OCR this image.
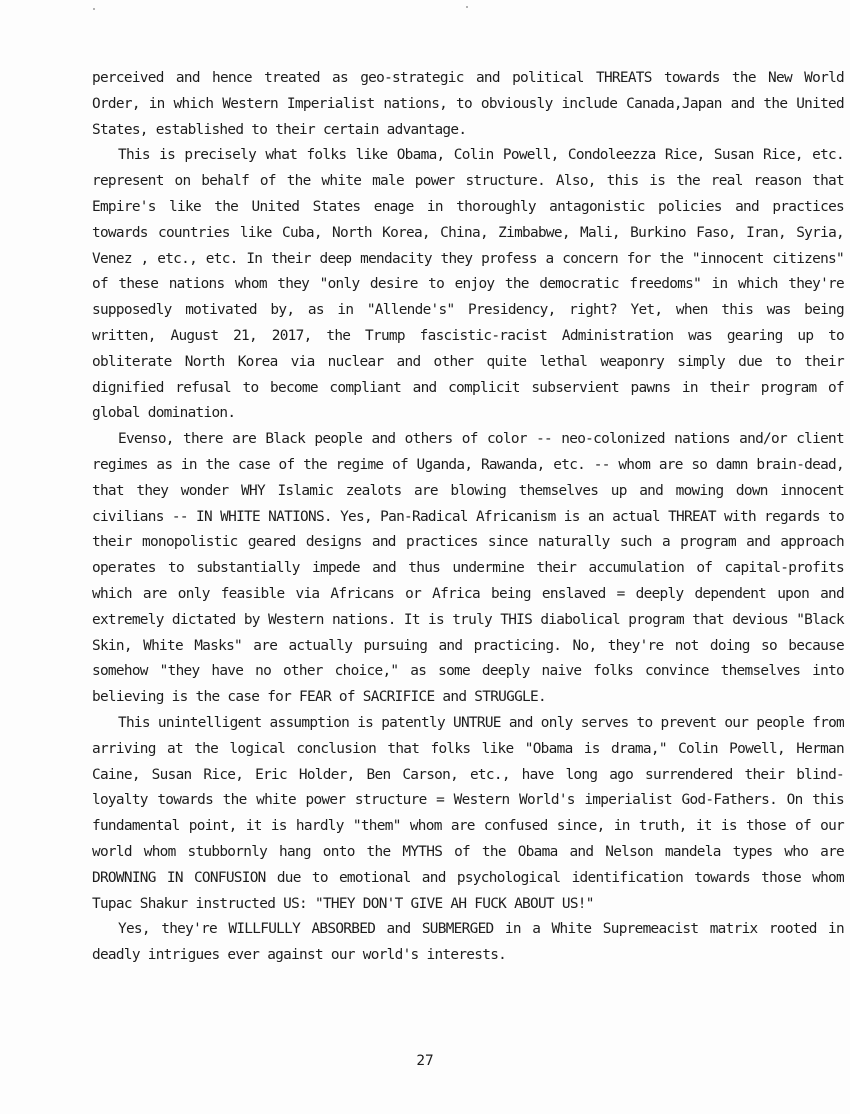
perceived and hence treated as geo-strategic and political THREATS towards the New World Order, in which Western Imperialist nations, to obviously include Canada,Japan and the United States, established to their certain advantage.

This is precisely what folks like Obama, Colin Powell, Condoleezza Rice, Susan Rice, etc. represent on behalf of the white male power structure. Also, this is the real reason that Empire's like the United States enage in thoroughly antagonistic policies and practices towards countries like Cuba, North Korea, China, Zimbabwe, Mali, Burkino Faso, Iran, Syria, Venez , etc., etc. In their deep mendacity they profess a concern for the "innocent citizens" of these nations whom they "only desire to enjoy the democratic freedoms" in which they're supposedly motivated by, as in "Allende's" Presidency, right? Yet, when this was being written, August 21, 2017, the Trump fascistic-racist Administration was gearing up to obliterate North Korea via nuclear and other quite lethal weaponry simply due to their dignified refusal to become compliant and complicit subservient pawns in their program of global domination.

Evenso, there are Black people and others of color -- neo-colonized nations and/or client regimes as in the case of the regime of Uganda, Rawanda, etc. -- whom are so damn brain-dead, that they wonder WHY Islamic zealots are blowing themselves up and mowing down innocent civilians -- IN WHITE NATIONS. Yes, Pan-Radical Africanism is an actual THREAT with regards to their monopolistic geared designs and practices since naturally such a program and approach operates to substantially impede and thus undermine their accumulation of capital-profits which are only feasible via Africans or Africa being enslaved = deeply dependent upon and extremely dictated by Western nations. It is truly THIS diabolical program that devious "Black Skin, White Masks" are actually pursuing and practicing. No, they're not doing so because somehow "they have no other choice," as some deeply naive folks convince themselves into believing is the case for FEAR of SACRIFICE and STRUGGLE.

This unintelligent assumption is patently UNTRUE and only serves to prevent our people from arriving at the logical conclusion that folks like "Obama is drama," Colin Powell, Herman Caine, Susan Rice, Eric Holder, Ben Carson, etc., have long ago surrendered their blind-loyalty towards the white power structure = Western World's imperialist God-Fathers. On this fundamental point, it is hardly "them" whom are confused since, in truth, it is those of our world whom stubbornly hang onto the MYTHS of the Obama and Nelson mandela types who are DROWNING IN CONFUSION due to emotional and psychological identification towards those whom Tupac Shakur instructed US: "THEY DON'T GIVE AH FUCK ABOUT US!"

Yes, they're WILLFULLY ABSORBED and SUBMERGED in a White Supremeacist matrix rooted in deadly intrigues ever against our world's interests.

27
